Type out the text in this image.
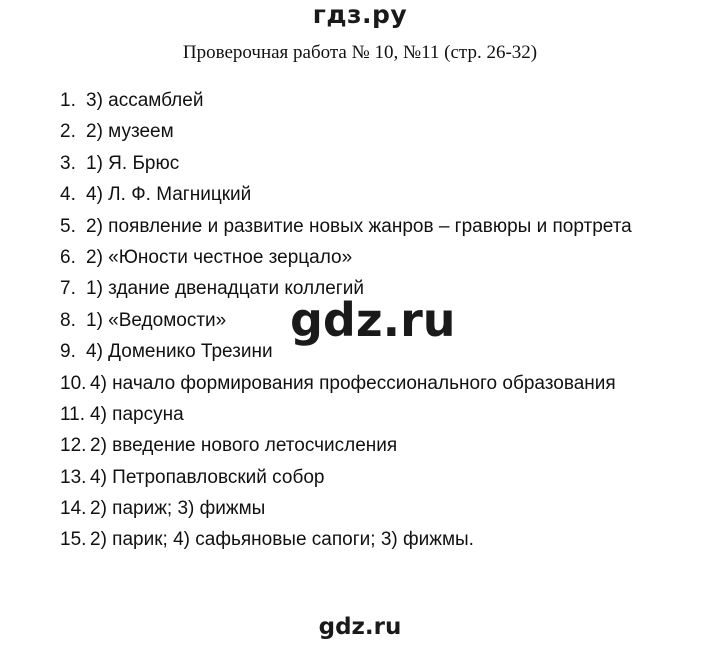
гдз.ру
Проверочная работа № 10, №11 (стр. 26-32)
1. 3) ассамблей
2. 2) музеем
3. 1) Я. Брюс
4. 4) Л. Ф. Магницкий
5. 2) появление и развитие новых жанров – гравюры и портрета
6. 2) «Юности честное зерцало»
7. 1) здание двенадцати коллегий
8. 1) «Ведомости»
9. 4) Доменико Трезини
10. 4) начало формирования профессионального образования
11. 4) парсуна
12. 2) введение нового летосчисления
13. 4) Петропавловский собор
14. 2) париж; 3) фижмы
15. 2) парик; 4) сафьяновые сапоги; 3) фижмы.
gdz.ru
gdz.ru
